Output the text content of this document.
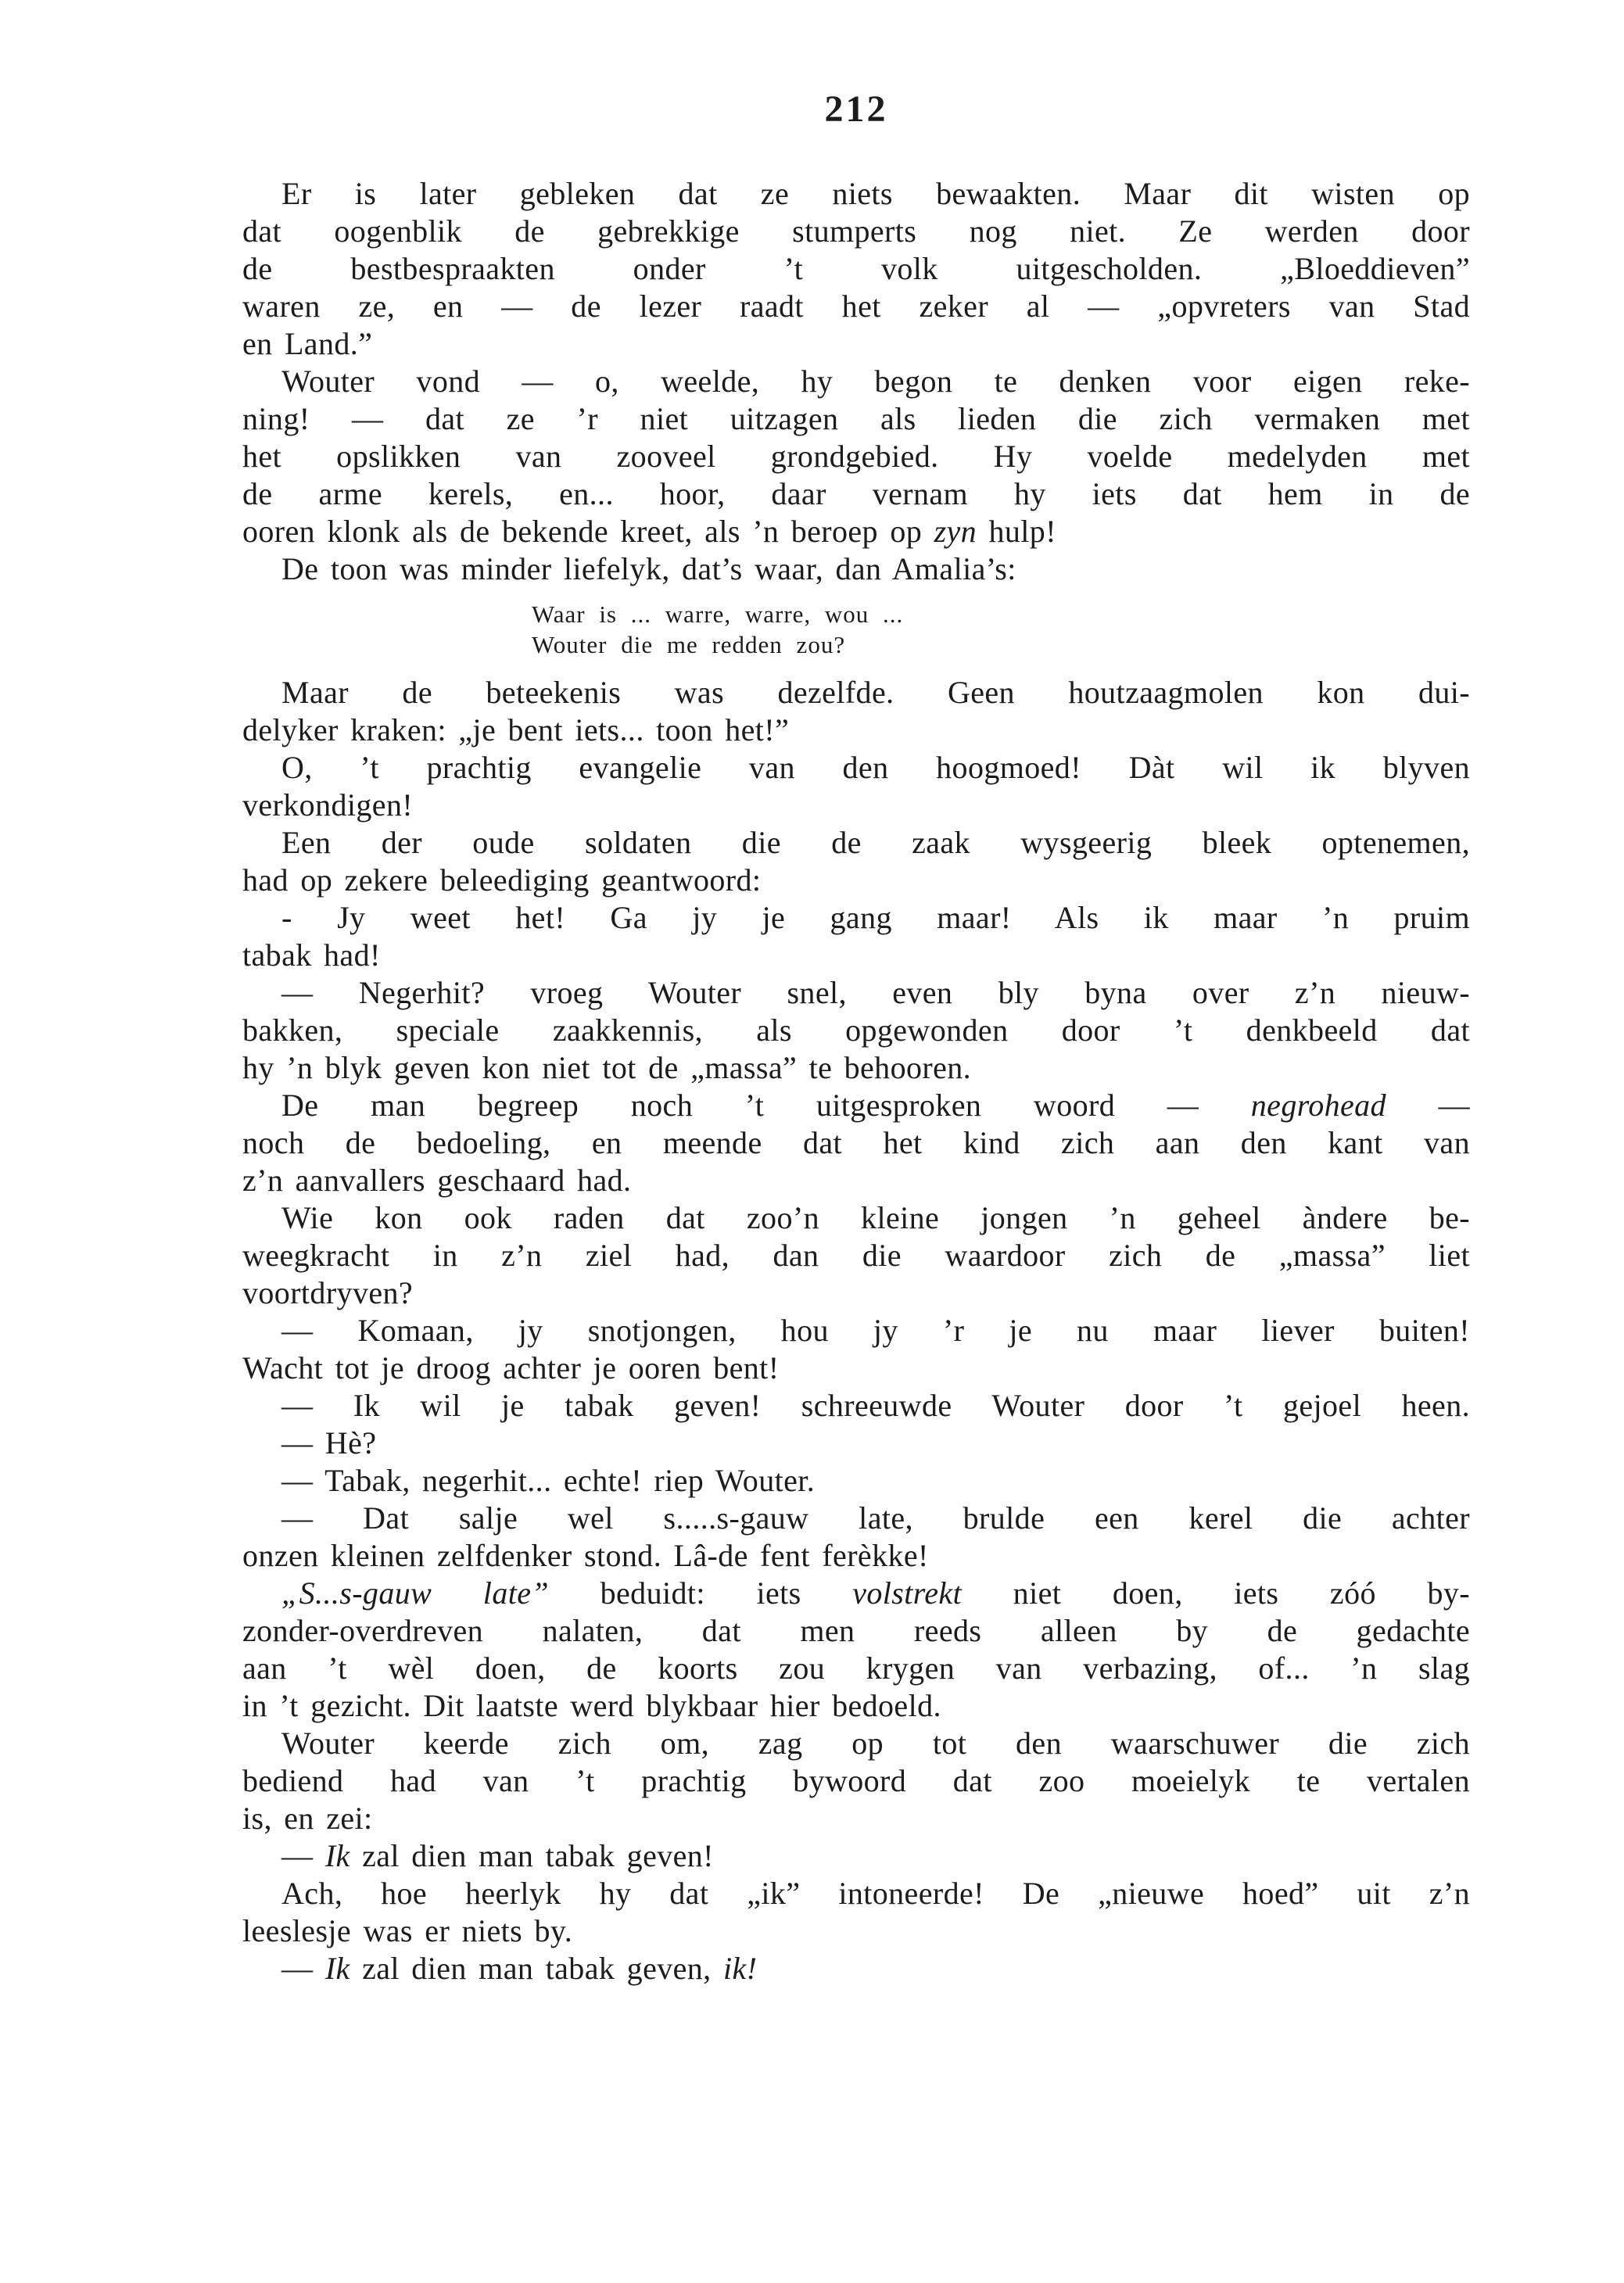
212
Er is later gebleken dat ze niets bewaakten. Maar dit wisten op
dat oogenblik de gebrekkige stumperts nog niet. Ze werden door
de bestbespraakten onder ’t volk uitgescholden. „Bloeddieven”
waren ze, en — de lezer raadt het zeker al — „opvreters van Stad
en Land.”
Wouter vond — o, weelde, hy begon te denken voor eigen reke-
ning! — dat ze ’r niet uitzagen als lieden die zich vermaken met
het opslikken van zooveel grondgebied. Hy voelde medelyden met
de arme kerels, en... hoor, daar vernam hy iets dat hem in de
ooren klonk als de bekende kreet, als ’n beroep op zyn hulp!
De toon was minder liefelyk, dat’s waar, dan Amalia’s:
Waar is ... warre, warre, wou ...
Wouter die me redden zou?
Maar de beteekenis was dezelfde. Geen houtzaagmolen kon dui-
delyker kraken: „je bent iets... toon het!”
O, ’t prachtig evangelie van den hoogmoed! Dàt wil ik blyven
verkondigen!
Een der oude soldaten die de zaak wysgeerig bleek optenemen,
had op zekere beleediging geantwoord:
- Jy weet het! Ga jy je gang maar! Als ik maar ’n pruim
tabak had!
— Negerhit? vroeg Wouter snel, even bly byna over z’n nieuw-
bakken, speciale zaakkennis, als opgewonden door ’t denkbeeld dat
hy ’n blyk geven kon niet tot de „massa” te behooren.
De man begreep noch ’t uitgesproken woord — negrohead —
noch de bedoeling, en meende dat het kind zich aan den kant van
z’n aanvallers geschaard had.
Wie kon ook raden dat zoo’n kleine jongen ’n geheel àndere be-
weegkracht in z’n ziel had, dan die waardoor zich de „massa” liet
voortdryven?
— Komaan, jy snotjongen, hou jy ’r je nu maar liever buiten!
Wacht tot je droog achter je ooren bent!
— Ik wil je tabak geven! schreeuwde Wouter door ’t gejoel heen.
— Hè?
— Tabak, negerhit... echte! riep Wouter.
— Dat salje wel s.....s-gauw late, brulde een kerel die achter
onzen kleinen zelfdenker stond. Lâ-de fent ferèkke!
„S...s-gauw late” beduidt: iets volstrekt niet doen, iets zóó by-
zonder-overdreven nalaten, dat men reeds alleen by de gedachte
aan ’t wèl doen, de koorts zou krygen van verbazing, of... ’n slag
in ’t gezicht. Dit laatste werd blykbaar hier bedoeld.
Wouter keerde zich om, zag op tot den waarschuwer die zich
bediend had van ’t prachtig bywoord dat zoo moeielyk te vertalen
is, en zei:
— Ik zal dien man tabak geven!
Ach, hoe heerlyk hy dat „ik” intoneerde! De „nieuwe hoed” uit z’n
leeslesje was er niets by.
— Ik zal dien man tabak geven, ik!
